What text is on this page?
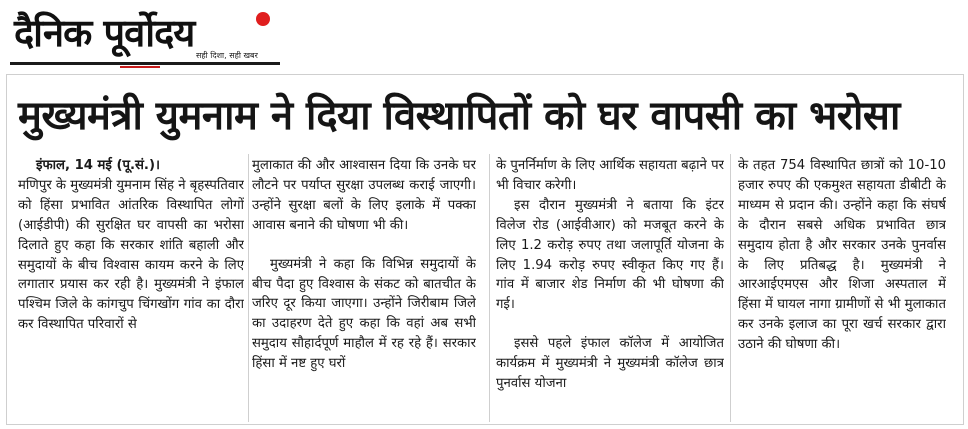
दैनिक पूर्वोदय
सही दिशा, सही खबर
मुख्यमंत्री युमनाम ने दिया विस्थापितों को घर वापसी का भरोसा

इंफाल, 14 मई (पू.सं.)।

मणिपुर के मुख्यमंत्री युमनाम सिंह ने बृहस्पतिवार को हिंसा प्रभावित आंतरिक विस्थापित लोगों (आईडीपी) की सुरक्षित घर वापसी का भरोसा दिलाते हुए कहा कि सरकार शांति बहाली और समुदायों के बीच विश्वास कायम करने के लिए लगातार प्रयास कर रही है। मुख्यमंत्री ने इंफाल पश्चिम जिले के कांगचुप चिंगखोंग गांव का दौरा कर विस्थापित परिवारों से

मुलाकात की और आश्वासन दिया कि उनके घर लौटने पर पर्याप्त सुरक्षा उपलब्ध कराई जाएगी। उन्होंने सुरक्षा बलों के लिए इलाके में पक्का आवास बनाने की घोषणा भी की।

मुख्यमंत्री ने कहा कि विभिन्न समुदायों के बीच पैदा हुए विश्वास के संकट को बातचीत के जरिए दूर किया जाएगा। उन्होंने जिरीबाम जिले का उदाहरण देते हुए कहा कि वहां अब सभी समुदाय सौहार्दपूर्ण माहौल में रह रहे हैं। सरकार हिंसा में नष्ट हुए घरों

के पुनर्निर्माण के लिए आर्थिक सहायता बढ़ाने पर भी विचार करेगी।

इस दौरान मुख्यमंत्री ने बताया कि इंटर विलेज रोड (आईवीआर) को मजबूत करने के लिए 1.2 करोड़ रुपए तथा जलापूर्ति योजना के लिए 1.94 करोड़ रुपए स्वीकृत किए गए हैं। गांव में बाजार शेड निर्माण की भी घोषणा की गई।

इससे पहले इंफाल कॉलेज में आयोजित कार्यक्रम में मुख्यमंत्री ने मुख्यमंत्री कॉलेज छात्र पुनर्वास योजना

के तहत 754 विस्थापित छात्रों को 10-10 हजार रुपए की एकमुश्त सहायता डीबीटी के माध्यम से प्रदान की। उन्होंने कहा कि संघर्ष के दौरान सबसे अधिक प्रभावित छात्र समुदाय होता है और सरकार उनके पुनर्वास के लिए प्रतिबद्ध है। मुख्यमंत्री ने आरआईएमएस और शिजा अस्पताल में हिंसा में घायल नागा ग्रामीणों से भी मुलाकात कर उनके इलाज का पूरा खर्च सरकार द्वारा उठाने की घोषणा की।
